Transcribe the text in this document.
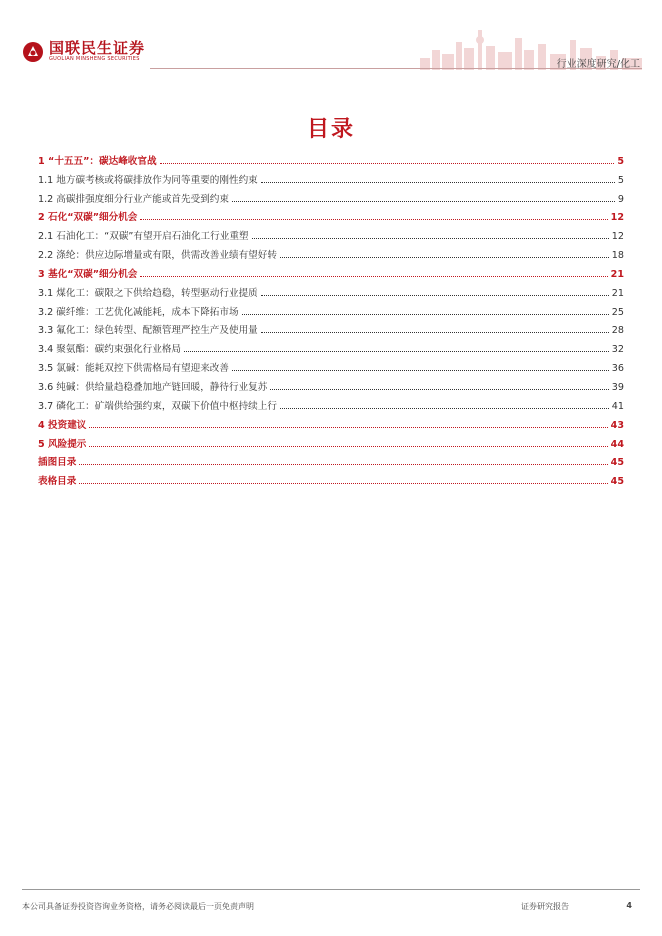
国联民生证券
GUOLIAN MINSHENG SECURITIES	行业深度研究/化工
目录
1 “十五五”：碳达峰收官战	5
1.1 地方碳考核或将碳排放作为同等重要的刚性约束	5
1.2 高碳排强度细分行业产能或首先受到约束	9
2 石化“双碳”细分机会	12
2.1 石油化工：“双碳”有望开启石油化工行业重塑	12
2.2 涤纶：供应边际增量或有限，供需改善业绩有望好转	18
3 基化“双碳”细分机会	21
3.1 煤化工：碳限之下供给趋稳，转型驱动行业提质	21
3.2 碳纤维：工艺优化减能耗，成本下降拓市场	25
3.3 氟化工：绿色转型、配额管理严控生产及使用量	28
3.4 聚氨酯：碳约束强化行业格局	32
3.5 氯碱：能耗双控下供需格局有望迎来改善	36
3.6 纯碱：供给量趋稳叠加地产链回暖，静待行业复苏	39
3.7 磷化工：矿端供给强约束，双碳下价值中枢持续上行	41
4 投资建议	43
5 风险提示	44
插图目录	45
表格目录	45
本公司具备证券投资咨询业务资格，请务必阅读最后一页免责声明	证券研究报告	4
